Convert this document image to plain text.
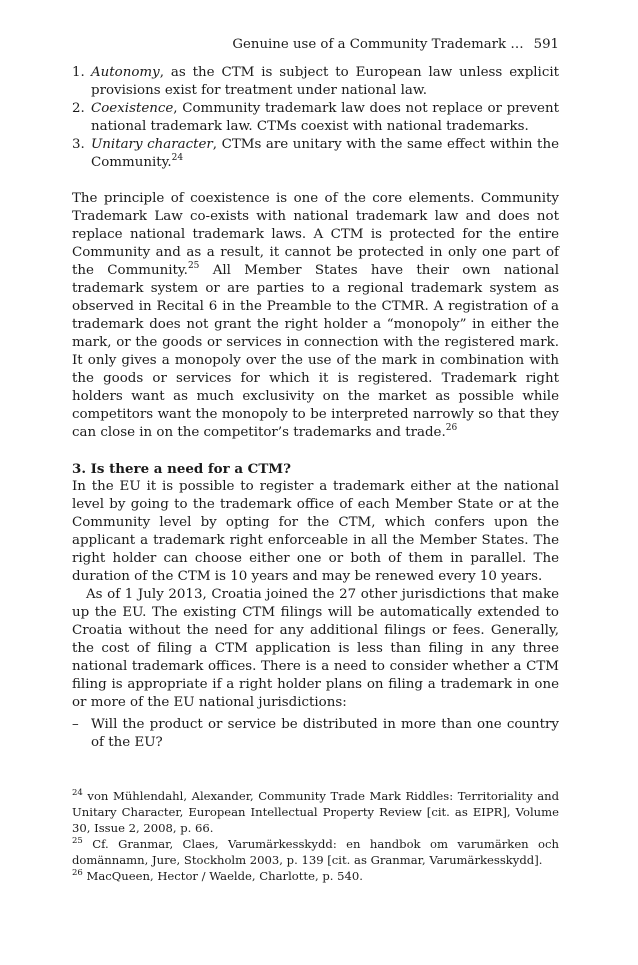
Genuine use of a Community Trademark … 591
1. Autonomy, as the CTM is subject to European law unless explicit provisions exist for treatment under national law.
2. Coexistence, Community trademark law does not replace or prevent national trademark law. CTMs coexist with national trademarks.
3. Unitary character, CTMs are unitary with the same effect within the Community.$^{24}$

The principle of coexistence is one of the core elements. Community Trademark Law co-exists with national trademark law and does not replace national trademark laws. A CTM is protected for the entire Community and as a result, it cannot be protected in only one part of the Community.$^{25}$ All Member States have their own national trademark system or are parties to a regional trademark system as observed in Recital 6 in the Preamble to the CTMR. A registration of a trademark does not grant the right holder a “monopoly” in either the mark, or the goods or services in connection with the registered mark. It only gives a monopoly over the use of the mark in combination with the goods or services for which it is registered. Trademark right holders want as much exclusivity on the market as possible while competitors want the monopoly to be interpreted narrowly so that they can close in on the competitor’s trademarks and trade.$^{26}$

3. Is there a need for a CTM?

In the EU it is possible to register a trademark either at the national level by going to the trademark office of each Member State or at the Community level by opting for the CTM, which confers upon the applicant a trademark right enforceable in all the Member States. The right holder can choose either one or both of them in parallel. The duration of the CTM is 10 years and may be renewed every 10 years.

As of 1 July 2013, Croatia joined the 27 other jurisdictions that make up the EU. The existing CTM filings will be automatically extended to Croatia without the need for any additional filings or fees. Generally, the cost of filing a CTM application is less than filing in any three national trademark offices. There is a need to consider whether a CTM filing is appropriate if a right holder plans on filing a trademark in one or more of the EU national jurisdictions:

– Will the product or service be distributed in more than one country of the EU?

$^{24}$ von Mühlendahl, Alexander, Community Trade Mark Riddles: Territoriality and Unitary Character, European Intellectual Property Review [cit. as EIPR], Volume 30, Issue 2, 2008, p. 66.

$^{25}$ Cf. Granmar, Claes, Varumärkesskydd: en handbok om varumärken och domännamn, Jure, Stockholm 2003, p. 139 [cit. as Granmar, Varumärkesskydd].

$^{26}$ MacQueen, Hector / Waelde, Charlotte, p. 540.
